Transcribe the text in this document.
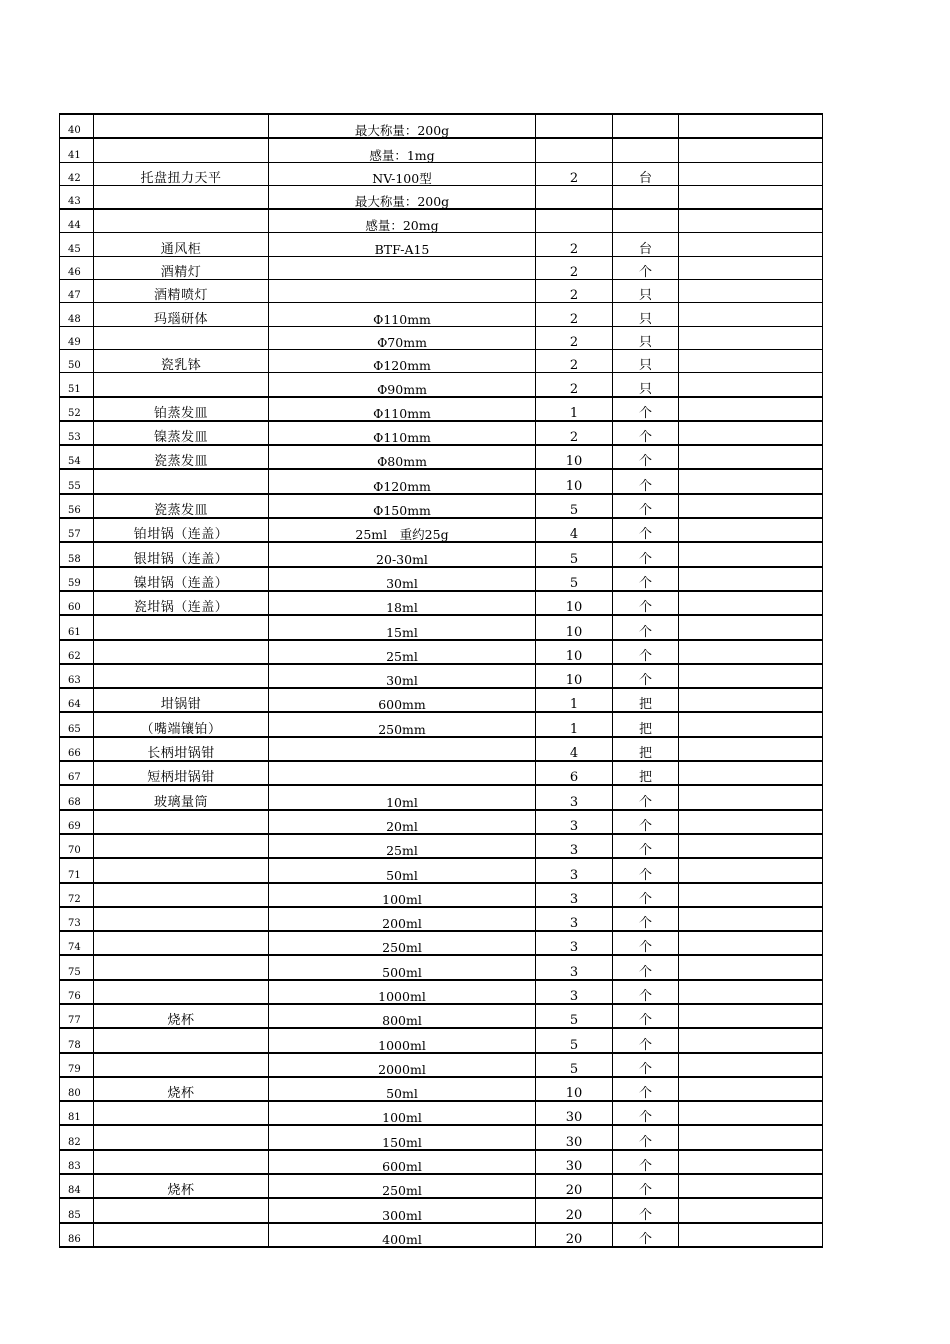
40		最大称量：200g			
41		感量：1mg			
42	托盘扭力天平	NV-100型	2	台	
43		最大称量：200g			
44		感量：20mg			
45	通风柜	BTF-A15	2	台	
46	酒精灯		2	个	
47	酒精喷灯		2	只	
48	玛瑙研体	Φ110mm	2	只	
49		Φ70mm	2	只	
50	瓷乳钵	Φ120mm	2	只	
51		Φ90mm	2	只	
52	铂蒸发皿	Φ110mm	1	个	
53	镍蒸发皿	Φ110mm	2	个	
54	瓷蒸发皿	Φ80mm	10	个	
55		Φ120mm	10	个	
56	瓷蒸发皿	Φ150mm	5	个	
57	铂坩锅（连盖）	25ml　重约25g	4	个	
58	银坩锅（连盖）	20-30ml	5	个	
59	镍坩锅（连盖）	30ml	5	个	
60	瓷坩锅（连盖）	18ml	10	个	
61		15ml	10	个	
62		25ml	10	个	
63		30ml	10	个	
64	坩锅钳	600mm	1	把	
65	（嘴端镶铂）	250mm	1	把	
66	长柄坩锅钳		4	把	
67	短柄坩锅钳		6	把	
68	玻璃量筒	10ml	3	个	
69		20ml	3	个	
70		25ml	3	个	
71		50ml	3	个	
72		100ml	3	个	
73		200ml	3	个	
74		250ml	3	个	
75		500ml	3	个	
76		1000ml	3	个	
77	烧杯	800ml	5	个	
78		1000ml	5	个	
79		2000ml	5	个	
80	烧杯	50ml	10	个	
81		100ml	30	个	
82		150ml	30	个	
83		600ml	30	个	
84	烧杯	250ml	20	个	
85		300ml	20	个	
86		400ml	20	个	
